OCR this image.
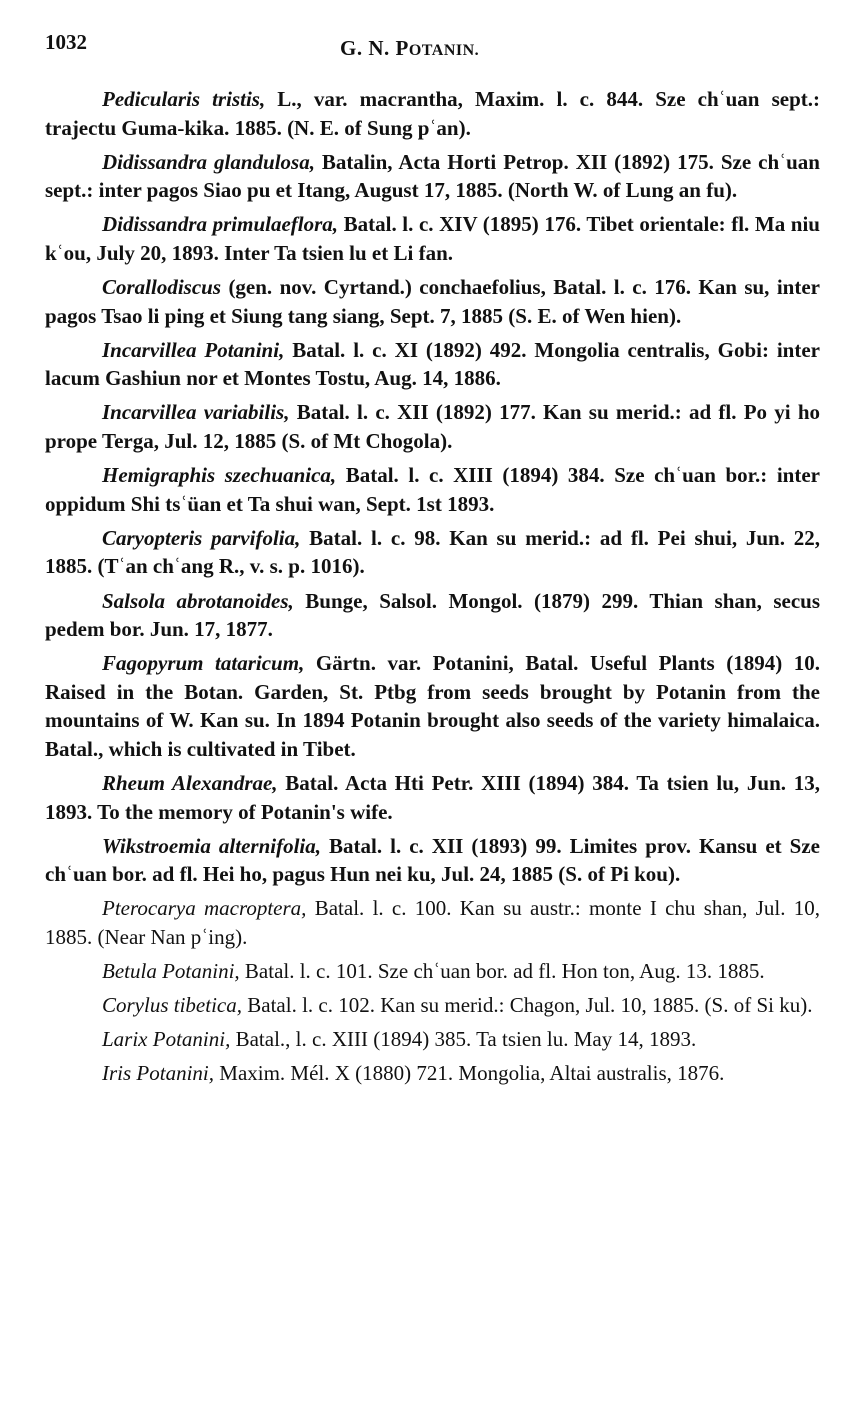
1032	G. N. POTANIN.

Pedicularis tristis, L., var. macrantha, Maxim. l. c. 844. Sze chʿuan sept.: trajectu Guma-kika. 1885. (N. E. of Sung pʿan).

Didissandra glandulosa, Batalin, Acta Horti Petrop. XII (1892) 175. Sze chʿuan sept.: inter pagos Siao pu et Itang, August 17, 1885. (North W. of Lung an fu).

Didissandra primulaeflora, Batal. l. c. XIV (1895) 176. Tibet orientale: fl. Ma niu kʿou, July 20, 1893. Inter Ta tsien lu et Li fan.

Corallodiscus (gen. nov. Cyrtand.) conchaefolius, Batal. l. c. 176. Kan su, inter pagos Tsao li ping et Siung tang siang, Sept. 7, 1885 (S. E. of Wen hien).

Incarvillea Potanini, Batal. l. c. XI (1892) 492. Mongolia centralis, Gobi: inter lacum Gashiun nor et Montes Tostu, Aug. 14, 1886.

Incarvillea variabilis, Batal. l. c. XII (1892) 177. Kan su merid.: ad fl. Po yi ho prope Terga, Jul. 12, 1885 (S. of Mt Chogola).

Hemigraphis szechuanica, Batal. l. c. XIII (1894) 384. Sze chʿuan bor.: inter oppidum Shi tsʿüan et Ta shui wan, Sept. 1st 1893.

Caryopteris parvifolia, Batal. l. c. 98. Kan su merid.: ad fl. Pei shui, Jun. 22, 1885. (Tʿan chʿang R., v. s. p. 1016).

Salsola abrotanoides, Bunge, Salsol. Mongol. (1879) 299. Thian shan, secus pedem bor. Jun. 17, 1877.

Fagopyrum tataricum, Gärtn. var. Potanini, Batal. Useful Plants (1894) 10. Raised in the Botan. Garden, St. Ptbg from seeds brought by Potanin from the mountains of W. Kan su. In 1894 Potanin brought also seeds of the variety himalaica. Batal., which is cultivated in Tibet.

Rheum Alexandrae, Batal. Acta Hti Petr. XIII (1894) 384. Ta tsien lu, Jun. 13, 1893. To the memory of Potanin's wife.

Wikstroemia alternifolia, Batal. l. c. XII (1893) 99. Limites prov. Kansu et Sze chʿuan bor. ad fl. Hei ho, pagus Hun nei ku, Jul. 24, 1885 (S. of Pi kou).

Pterocarya macroptera, Batal. l. c. 100. Kan su austr.: monte I chu shan, Jul. 10, 1885. (Near Nan pʿing).

Betula Potanini, Batal. l. c. 101. Sze chʿuan bor. ad fl. Hon ton, Aug. 13. 1885.

Corylus tibetica, Batal. l. c. 102. Kan su merid.: Chagon, Jul. 10, 1885. (S. of Si ku).

Larix Potanini, Batal., l. c. XIII (1894) 385. Ta tsien lu. May 14, 1893.

Iris Potanini, Maxim. Mél. X (1880) 721. Mongolia, Altai australis, 1876.
